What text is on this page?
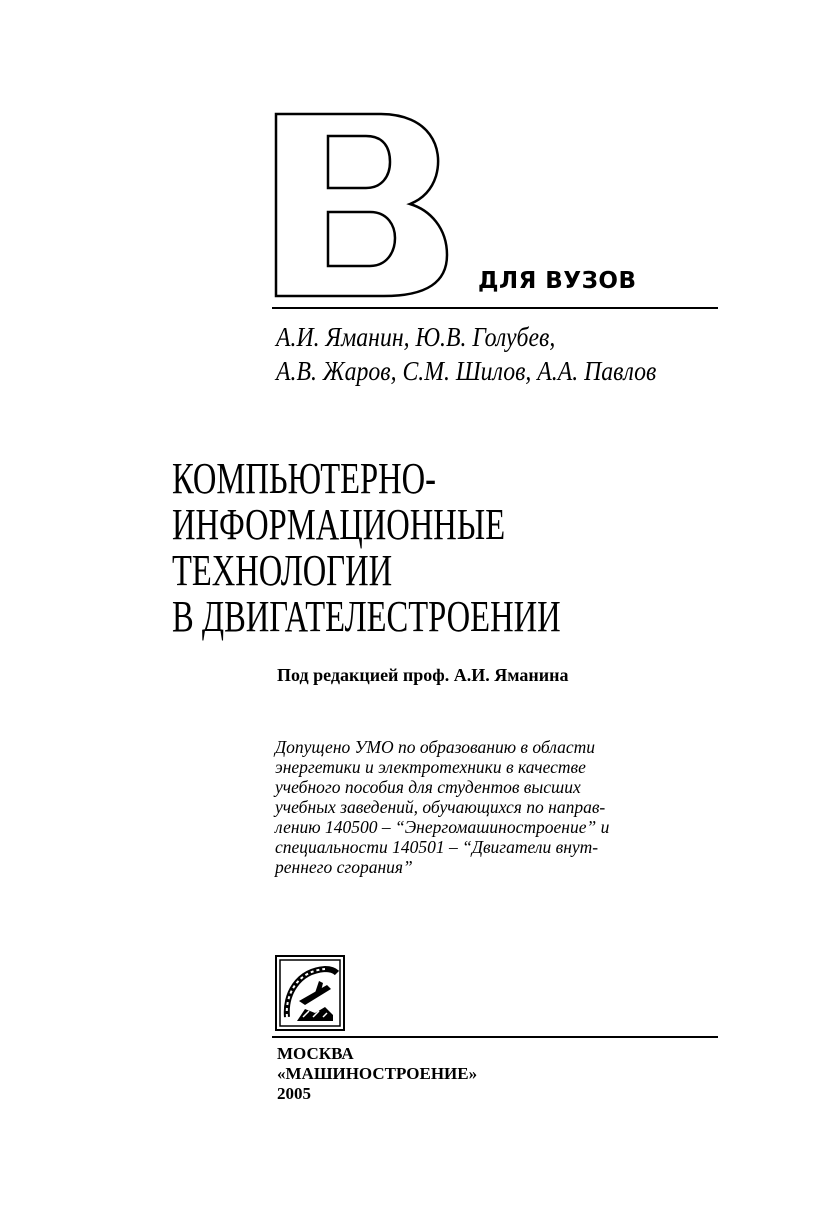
ДЛЯ ВУЗОВ
А.И. Яманин, Ю.В. Голубев,
А.В. Жаров, С.М. Шилов, А.А. Павлов
КОМПЬЮТЕРНО-
ИНФОРМАЦИОННЫЕ
ТЕХНОЛОГИИ
В ДВИГАТЕЛЕСТРОЕНИИ
Под редакцией проф. А.И. Яманина
Допущено УМО по образованию в области
энергетики и электротехники в качестве
учебного пособия для студентов высших
учебных заведений, обучающихся по направ-
лению 140500 – “Энергомашиностроение” и
специальности 140501 – “Двигатели внут-
реннего сгорания”
МОСКВА
«МАШИНОСТРОЕНИЕ»
2005
